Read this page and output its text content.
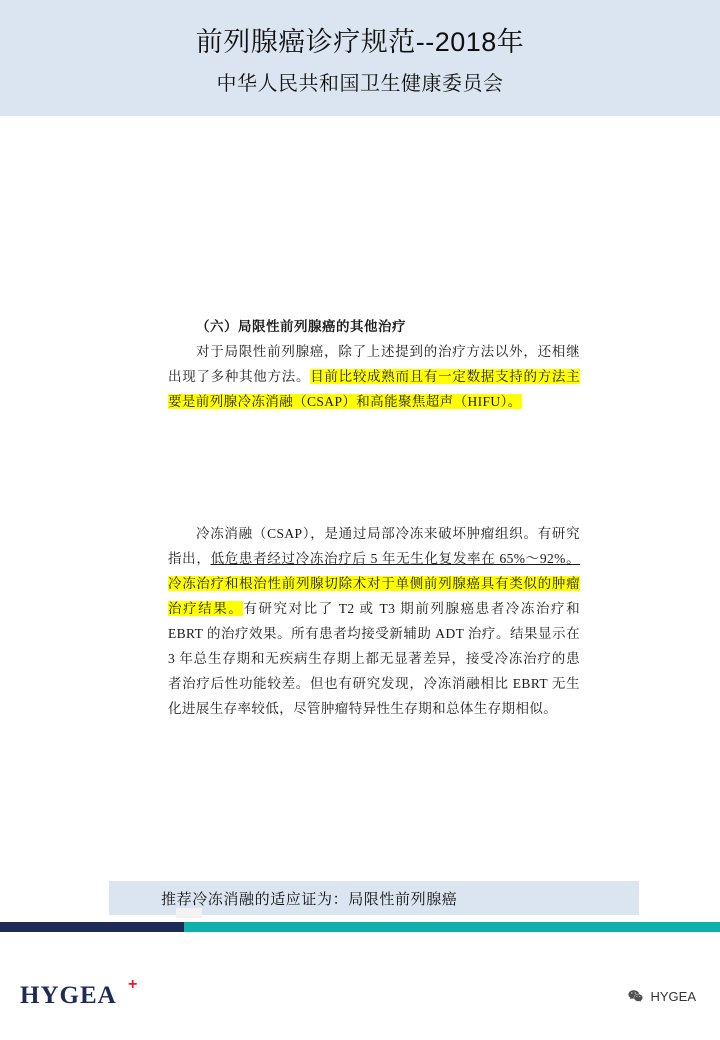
前列腺癌诊疗规范--2018年
中华人民共和国卫生健康委员会
（六）局限性前列腺癌的其他治疗
对于局限性前列腺癌，除了上述提到的治疗方法以外，还相继出现了多种其他方法。目前比较成熟而且有一定数据支持的方法主要是前列腺冷冻消融（CSAP）和高能聚焦超声（HIFU）。
冷冻消融（CSAP），是通过局部冷冻来破坏肿瘤组织。有研究指出，低危患者经过冷冻治疗后 5 年无生化复发率在 65%～92%。冷冻治疗和根治性前列腺切除术对于单侧前列腺癌具有类似的肿瘤治疗结果。有研究对比了 T2 或 T3 期前列腺癌患者冷冻治疗和 EBRT 的治疗效果。所有患者均接受新辅助 ADT 治疗。结果显示在 3 年总生存期和无疾病生存期上都无显著差异，接受冷冻治疗的患者治疗后性功能较差。但也有研究发现，冷冻消融相比 EBRT 无生化进展生存率较低，尽管肿瘤特异性生存期和总体生存期相似。
推荐冷冻消融的适应证为：局限性前列腺癌
HYGEA +
HYGEA
